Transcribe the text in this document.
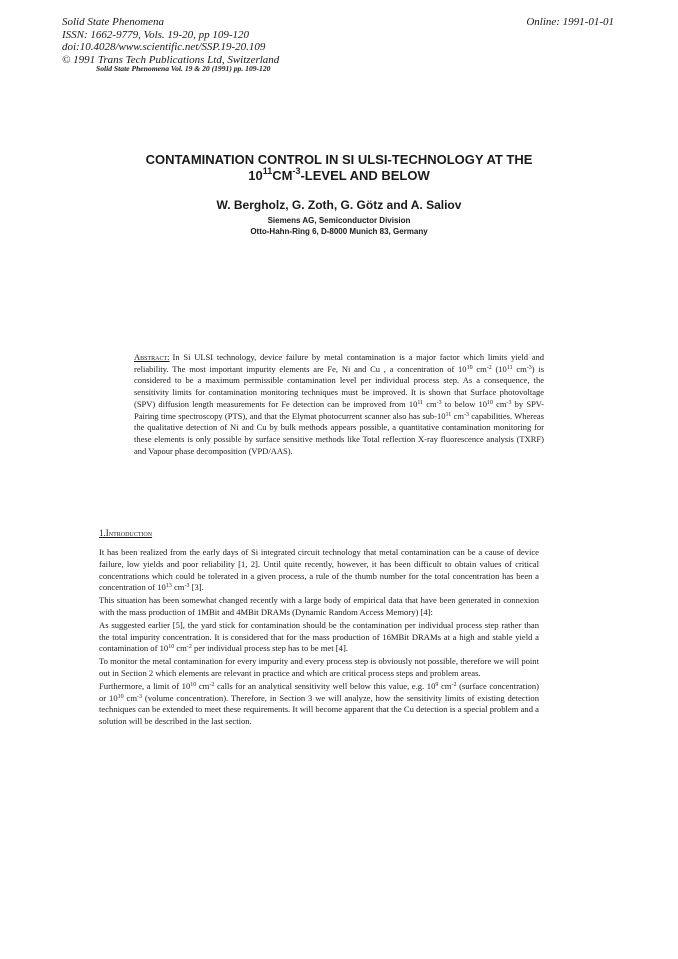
Solid State Phenomena
ISSN: 1662-9779, Vols. 19-20, pp 109-120
doi:10.4028/www.scientific.net/SSP.19-20.109
© 1991 Trans Tech Publications Ltd, Switzerland
Online: 1991-01-01
Solid State Phenomena Vol. 19 & 20 (1991) pp. 109-120
CONTAMINATION CONTROL IN SI ULSI-TECHNOLOGY AT THE
$10^{11}CM^{-3}$-LEVEL AND BELOW
W. Bergholz, G. Zoth, G. Götz and A. Saliov
Siemens AG, Semiconductor Division
Otto-Hahn-Ring 6, D-8000 Munich 83, Germany
Abstract: In Si ULSI technology, device failure by metal contamination is a major factor which limits yield and reliability. The most important impurity elements are Fe, Ni and Cu , a concentration of $10^{10}$ $cm^{-2}$ ($10^{11}$ $cm^{-3}$) is considered to be a maximum permissible contamination level per individual process step. As a consequence, the sensitivity limits for contamination monitoring techniques must be improved. It is shown that Surface photovoltage (SPV) diffusion length measurements for Fe detection can be improved from $10^{11}$ $cm^{-3}$ to below $10^{10}$ $cm^{-3}$ by SPV-Pairing time spectroscopy (PTS), and that the Elymat photocurrent scanner also has sub-$10^{11}$ $cm^{-3}$ capabilities. Whereas the qualitative detection of Ni and Cu by bulk methods appears possible, a quantitative contamination monitoring for these elements is only possible by surface sensitive methods like Total reflection X-ray fluorescence analysis (TXRF) and Vapour phase decomposition (VPD/AAS).
1.Introduction

It has been realized from the early days of Si integrated circuit technology that metal contamination can be a cause of device failure, low yields and poor reliability [1, 2]. Until quite recently, however, it has been difficult to obtain values of critical concentrations which could be tolerated in a given process, a rule of the thumb number for the total concentration has been a concentration of $10^{13}$ $cm^{-3}$ [3].

This situation has been somewhat changed recently with a large body of empirical data that have been generated in connexion with the mass production of 1MBit and 4MBit DRAMs (Dynamic Random Access Memory) [4]:

As suggested earlier [5], the yard stick for contamination should be the contamination per individual process step rather than the total impurity concentration. It is considered that for the mass production of 16MBit DRAMs at a high and stable yield a contamination of $10^{10}$ $cm^{-2}$ per individual process step has to be met [4].

To monitor the metal contamination for every impurity and every process step is obviously not possible, therefore we will point out in Section 2 which elements are relevant in practice and which are critical process steps and problem areas.

Furthermore, a limit of $10^{10}$ $cm^{-2}$ calls for an analytical sensitivity well below this value, e.g. $10^9$ $cm^{-2}$ (surface concentration) or $10^{10}$ $cm^{-3}$ (volume concentration). Therefore, in Section 3 we will analyze, how the sensitivity limits of existing detection techniques can be extended to meet these requirements. It will become apparent that the Cu detection is a special problem and a solution will be described in the last section.
